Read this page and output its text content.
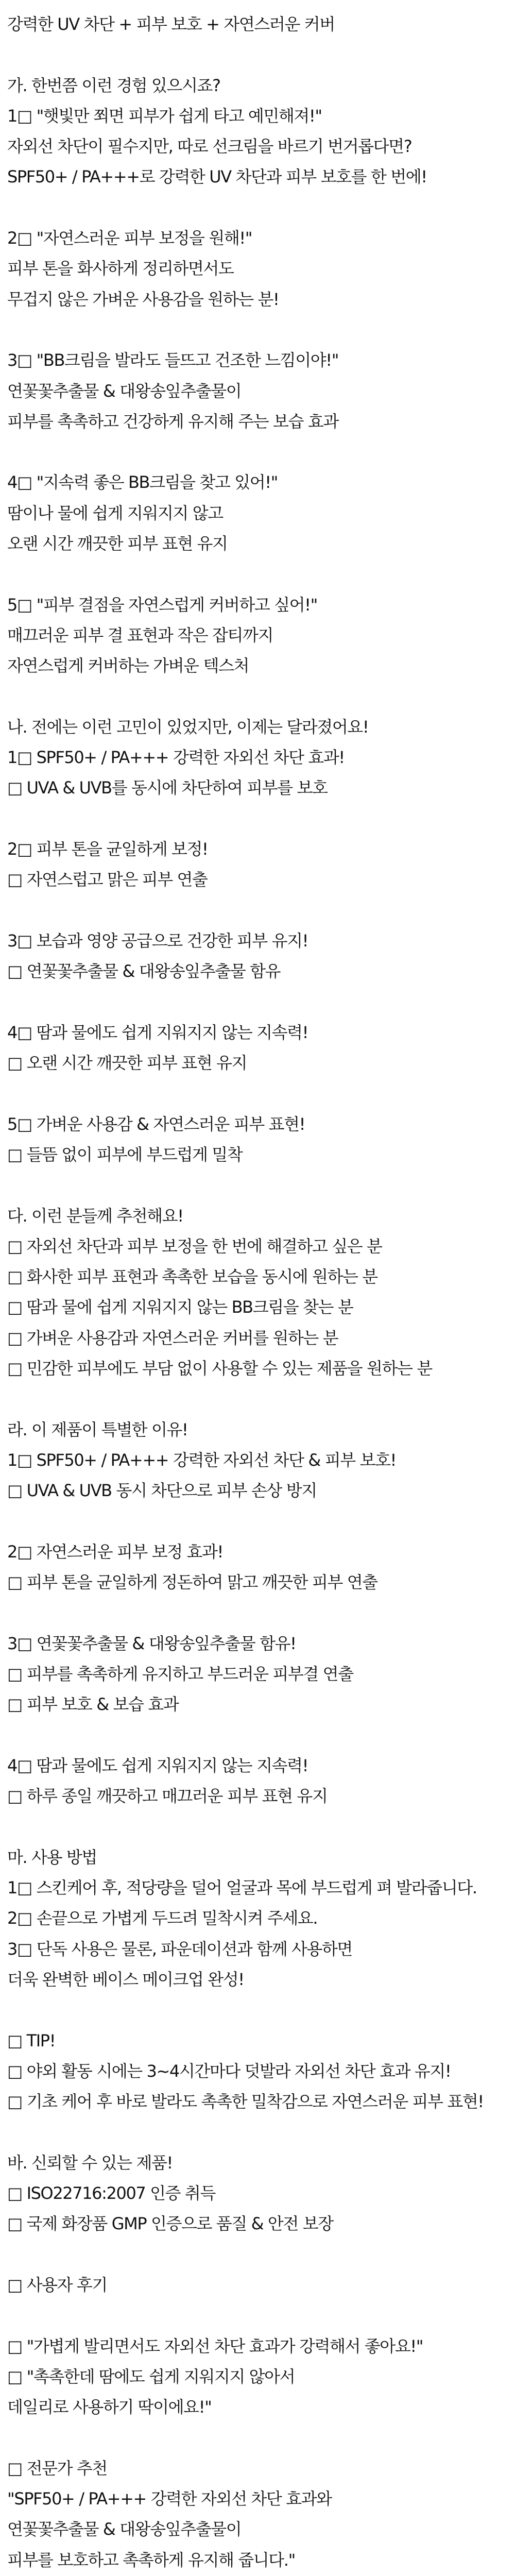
강력한 UV 차단 + 피부 보호 + 자연스러운 커버
가. 한번쯤 이런 경험 있으시죠?
1□ "햇빛만 쬐면 피부가 쉽게 타고 예민해져!"
자외선 차단이 필수지만, 따로 선크림을 바르기 번거롭다면?
SPF50+ / PA+++로 강력한 UV 차단과 피부 보호를 한 번에!
2□ "자연스러운 피부 보정을 원해!"
피부 톤을 화사하게 정리하면서도
무겁지 않은 가벼운 사용감을 원하는 분!
3□ "BB크림을 발라도 들뜨고 건조한 느낌이야!"
연꽃꽃추출물 & 대왕송잎추출물이
피부를 촉촉하고 건강하게 유지해 주는 보습 효과
4□ "지속력 좋은 BB크림을 찾고 있어!"
땀이나 물에 쉽게 지워지지 않고
오랜 시간 깨끗한 피부 표현 유지
5□ "피부 결점을 자연스럽게 커버하고 싶어!"
매끄러운 피부 결 표현과 작은 잡티까지
자연스럽게 커버하는 가벼운 텍스처
나. 전에는 이런 고민이 있었지만, 이제는 달라졌어요!
1□ SPF50+ / PA+++ 강력한 자외선 차단 효과!
□ UVA & UVB를 동시에 차단하여 피부를 보호
2□ 피부 톤을 균일하게 보정!
□ 자연스럽고 맑은 피부 연출
3□ 보습과 영양 공급으로 건강한 피부 유지!
□ 연꽃꽃추출물 & 대왕송잎추출물 함유
4□ 땀과 물에도 쉽게 지워지지 않는 지속력!
□ 오랜 시간 깨끗한 피부 표현 유지
5□ 가벼운 사용감 & 자연스러운 피부 표현!
□ 들뜸 없이 피부에 부드럽게 밀착
다. 이런 분들께 추천해요!
□ 자외선 차단과 피부 보정을 한 번에 해결하고 싶은 분
□ 화사한 피부 표현과 촉촉한 보습을 동시에 원하는 분
□ 땀과 물에 쉽게 지워지지 않는 BB크림을 찾는 분
□ 가벼운 사용감과 자연스러운 커버를 원하는 분
□ 민감한 피부에도 부담 없이 사용할 수 있는 제품을 원하는 분
라. 이 제품이 특별한 이유!
1□ SPF50+ / PA+++ 강력한 자외선 차단 & 피부 보호!
□ UVA & UVB 동시 차단으로 피부 손상 방지
2□ 자연스러운 피부 보정 효과!
□ 피부 톤을 균일하게 정돈하여 맑고 깨끗한 피부 연출
3□ 연꽃꽃추출물 & 대왕송잎추출물 함유!
□ 피부를 촉촉하게 유지하고 부드러운 피부결 연출
□ 피부 보호 & 보습 효과
4□ 땀과 물에도 쉽게 지워지지 않는 지속력!
□ 하루 종일 깨끗하고 매끄러운 피부 표현 유지
마. 사용 방법
1□ 스킨케어 후, 적당량을 덜어 얼굴과 목에 부드럽게 펴 발라줍니다.
2□ 손끝으로 가볍게 두드려 밀착시켜 주세요.
3□ 단독 사용은 물론, 파운데이션과 함께 사용하면
더욱 완벽한 베이스 메이크업 완성!
□ TIP!
□ 야외 활동 시에는 3~4시간마다 덧발라 자외선 차단 효과 유지!
□ 기초 케어 후 바로 발라도 촉촉한 밀착감으로 자연스러운 피부 표현!
바. 신뢰할 수 있는 제품!
□ ISO22716:2007 인증 취득
□ 국제 화장품 GMP 인증으로 품질 & 안전 보장
□ 사용자 후기
□ "가볍게 발리면서도 자외선 차단 효과가 강력해서 좋아요!"
□ "촉촉한데 땀에도 쉽게 지워지지 않아서
데일리로 사용하기 딱이에요!"
□ 전문가 추천
"SPF50+ / PA+++ 강력한 자외선 차단 효과와
연꽃꽃추출물 & 대왕송잎추출물이
피부를 보호하고 촉촉하게 유지해 줍니다."
